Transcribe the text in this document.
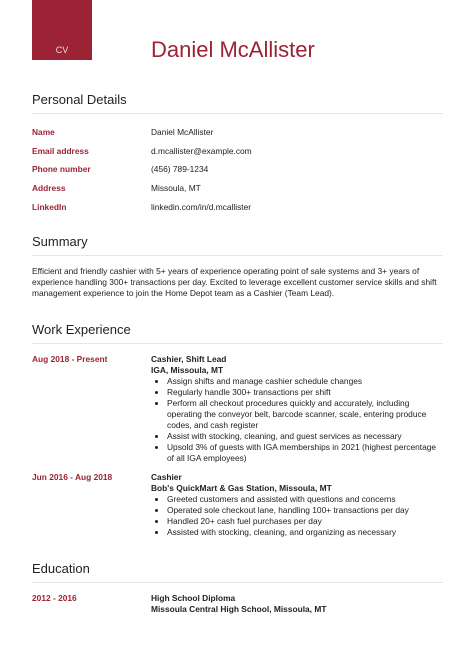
CV	Daniel McAllister
Personal Details
Name	Daniel McAllister
Email address	d.mcallister@example.com
Phone number	(456) 789-1234
Address	Missoula, MT
LinkedIn	linkedin.com/in/d.mcallister
Summary

Efficient and friendly cashier with 5+ years of experience operating point of sale systems and 3+ years of experience handling 300+ transactions per day. Excited to leverage excellent customer service skills and shift management experience to join the Home Depot team as a Cashier (Team Lead).

Work Experience
Aug 2018 - Present	Cashier, Shift Lead
IGA, Missoula, MT
• Assign shifts and manage cashier schedule changes
• Regularly handle 300+ transactions per shift
• Perform all checkout procedures quickly and accurately, including operating the conveyor belt, barcode scanner, scale, entering produce codes, and cash register
• Assist with stocking, cleaning, and guest services as necessary
• Upsold 3% of guests with IGA memberships in 2021 (highest percentage of all IGA employees)
Jun 2016 - Aug 2018	Cashier
Bob's QuickMart & Gas Station, Missoula, MT
• Greeted customers and assisted with questions and concerns
• Operated sole checkout lane, handling 100+ transactions per day
• Handled 20+ cash fuel purchases per day
• Assisted with stocking, cleaning, and organizing as necessary
Education
2012 - 2016	High School Diploma
Missoula Central High School, Missoula, MT
